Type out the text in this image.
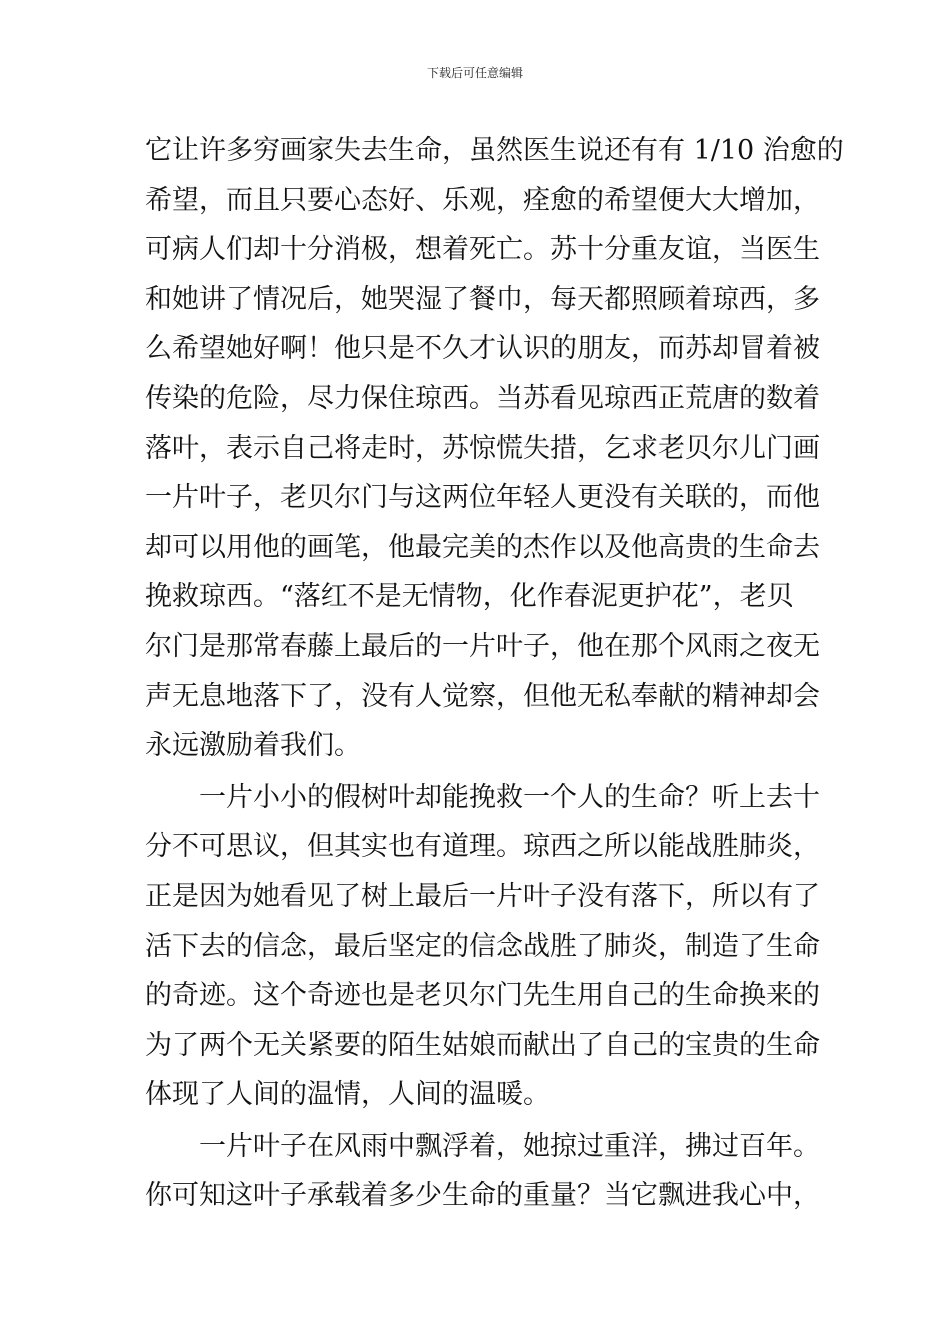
下载后可任意编辑

它让许多穷画家失去生命，虽然医生说还有有 1/10 治愈的
希望，而且只要心态好、乐观，痊愈的希望便大大增加，
可病人们却十分消极，想着死亡。苏十分重友谊，当医生
和她讲了情况后，她哭湿了餐巾，每天都照顾着琼西，多
么希望她好啊！他只是不久才认识的朋友，而苏却冒着被
传染的危险，尽力保住琼西。当苏看见琼西正荒唐的数着
落叶，表示自己将走时，苏惊慌失措，乞求老贝尔儿门画
一片叶子，老贝尔门与这两位年轻人更没有关联的，而他
却可以用他的画笔，他最完美的杰作以及他高贵的生命去
挽救琼西。“落红不是无情物，化作春泥更护花”，老贝
尔门是那常春藤上最后的一片叶子，他在那个风雨之夜无
声无息地落下了，没有人觉察，但他无私奉献的精神却会
永远激励着我们。

一片小小的假树叶却能挽救一个人的生命？听上去十
分不可思议，但其实也有道理。琼西之所以能战胜肺炎，
正是因为她看见了树上最后一片叶子没有落下，所以有了
活下去的信念，最后坚定的信念战胜了肺炎，制造了生命
的奇迹。这个奇迹也是老贝尔门先生用自己的生命换来的
为了两个无关紧要的陌生姑娘而献出了自己的宝贵的生命
体现了人间的温情，人间的温暖。

一片叶子在风雨中飘浮着，她掠过重洋，拂过百年。
你可知这叶子承载着多少生命的重量？当它飘进我心中，
